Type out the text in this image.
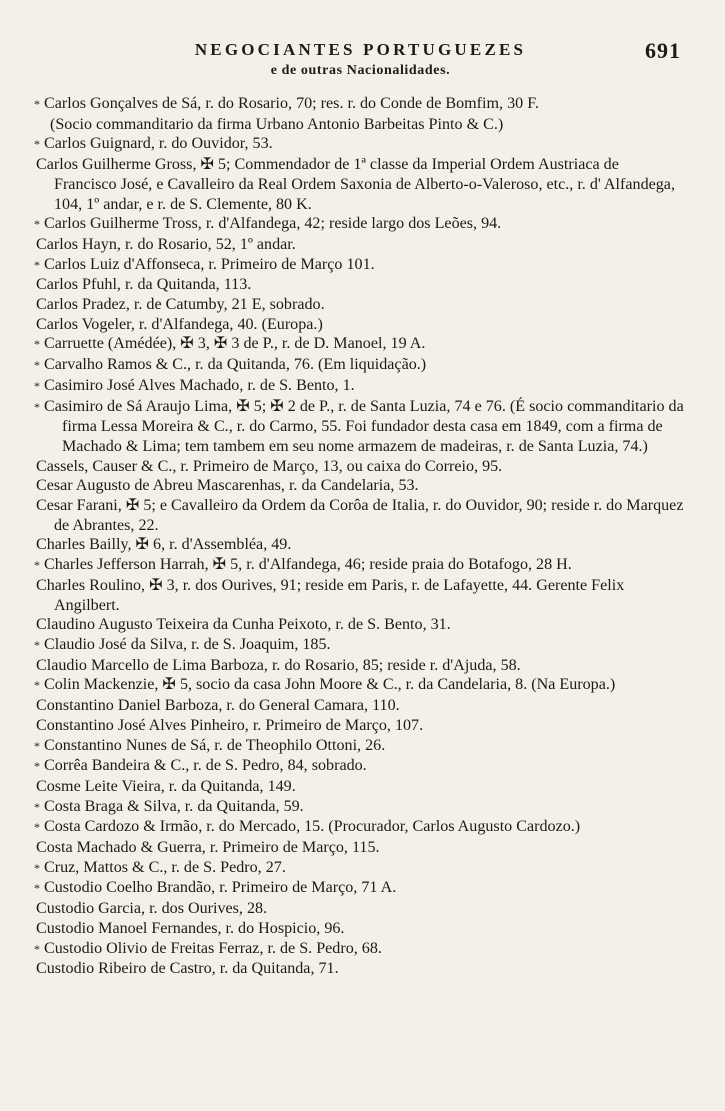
NEGOCIANTES PORTUGUEZES
e de outras Nacionalidades.
691
* Carlos Gonçalves de Sá, r. do Rosario, 70; res. r. do Conde de Bomfim, 30 F.
(Socio commanditario da firma Urbano Antonio Barbeitas Pinto & C.)
* Carlos Guignard, r. do Ouvidor, 53.
Carlos Guilherme Gross, ✠ 5; Commendador de 1ª classe da Imperial Ordem Austriaca de Francisco José, e Cavalleiro da Real Ordem Saxonia de Alberto-o-Valeroso, etc., r. d' Alfandega, 104, 1º andar, e r. de S. Clemente, 80 K.
* Carlos Guilherme Tross, r. d'Alfandega, 42; reside largo dos Leões, 94.
Carlos Hayn, r. do Rosario, 52, 1º andar.
* Carlos Luiz d'Affonseca, r. Primeiro de Março 101.
Carlos Pfuhl, r. da Quitanda, 113.
Carlos Pradez, r. de Catumby, 21 E, sobrado.
Carlos Vogeler, r. d'Alfandega, 40. (Europa.)
* Carruette (Amédée), ✠ 3, ✠ 3 de P., r. de D. Manoel, 19 A.
* Carvalho Ramos & C., r. da Quitanda, 76. (Em liquidação.)
* Casimiro José Alves Machado, r. de S. Bento, 1.
* Casimiro de Sá Araujo Lima, ✠ 5; ✠ 2 de P., r. de Santa Luzia, 74 e 76. (É socio commanditario da firma Lessa Moreira & C., r. do Carmo, 55. Foi fundador desta casa em 1849, com a firma de Machado & Lima; tem tambem em seu nome armazem de madeiras, r. de Santa Luzia, 74.)
Cassels, Causer & C., r. Primeiro de Março, 13, ou caixa do Correio, 95.
Cesar Augusto de Abreu Mascarenhas, r. da Candelaria, 53.
Cesar Farani, ✠ 5; e Cavalleiro da Ordem da Corôa de Italia, r. do Ouvidor, 90; reside r. do Marquez de Abrantes, 22.
Charles Bailly, ✠ 6, r. d'Assembléa, 49.
* Charles Jefferson Harrah, ✠ 5, r. d'Alfandega, 46; reside praia do Botafogo, 28 H.
Charles Roulino, ✠ 3, r. dos Ourives, 91; reside em Paris, r. de Lafayette, 44. Gerente Felix Angilbert.
Claudino Augusto Teixeira da Cunha Peixoto, r. de S. Bento, 31.
* Claudio José da Silva, r. de S. Joaquim, 185.
Claudio Marcello de Lima Barboza, r. do Rosario, 85; reside r. d'Ajuda, 58.
* Colin Mackenzie, ✠ 5, socio da casa John Moore & C., r. da Candelaria, 8. (Na Europa.)
Constantino Daniel Barboza, r. do General Camara, 110.
Constantino José Alves Pinheiro, r. Primeiro de Março, 107.
* Constantino Nunes de Sá, r. de Theophilo Ottoni, 26.
* Corrêa Bandeira & C., r. de S. Pedro, 84, sobrado.
Cosme Leite Vieira, r. da Quitanda, 149.
* Costa Braga & Silva, r. da Quitanda, 59.
* Costa Cardozo & Irmão, r. do Mercado, 15. (Procurador, Carlos Augusto Cardozo.)
Costa Machado & Guerra, r. Primeiro de Março, 115.
* Cruz, Mattos & C., r. de S. Pedro, 27.
* Custodio Coelho Brandão, r. Primeiro de Março, 71 A.
Custodio Garcia, r. dos Ourives, 28.
Custodio Manoel Fernandes, r. do Hospicio, 96.
* Custodio Olivio de Freitas Ferraz, r. de S. Pedro, 68.
Custodio Ribeiro de Castro, r. da Quitanda, 71.
